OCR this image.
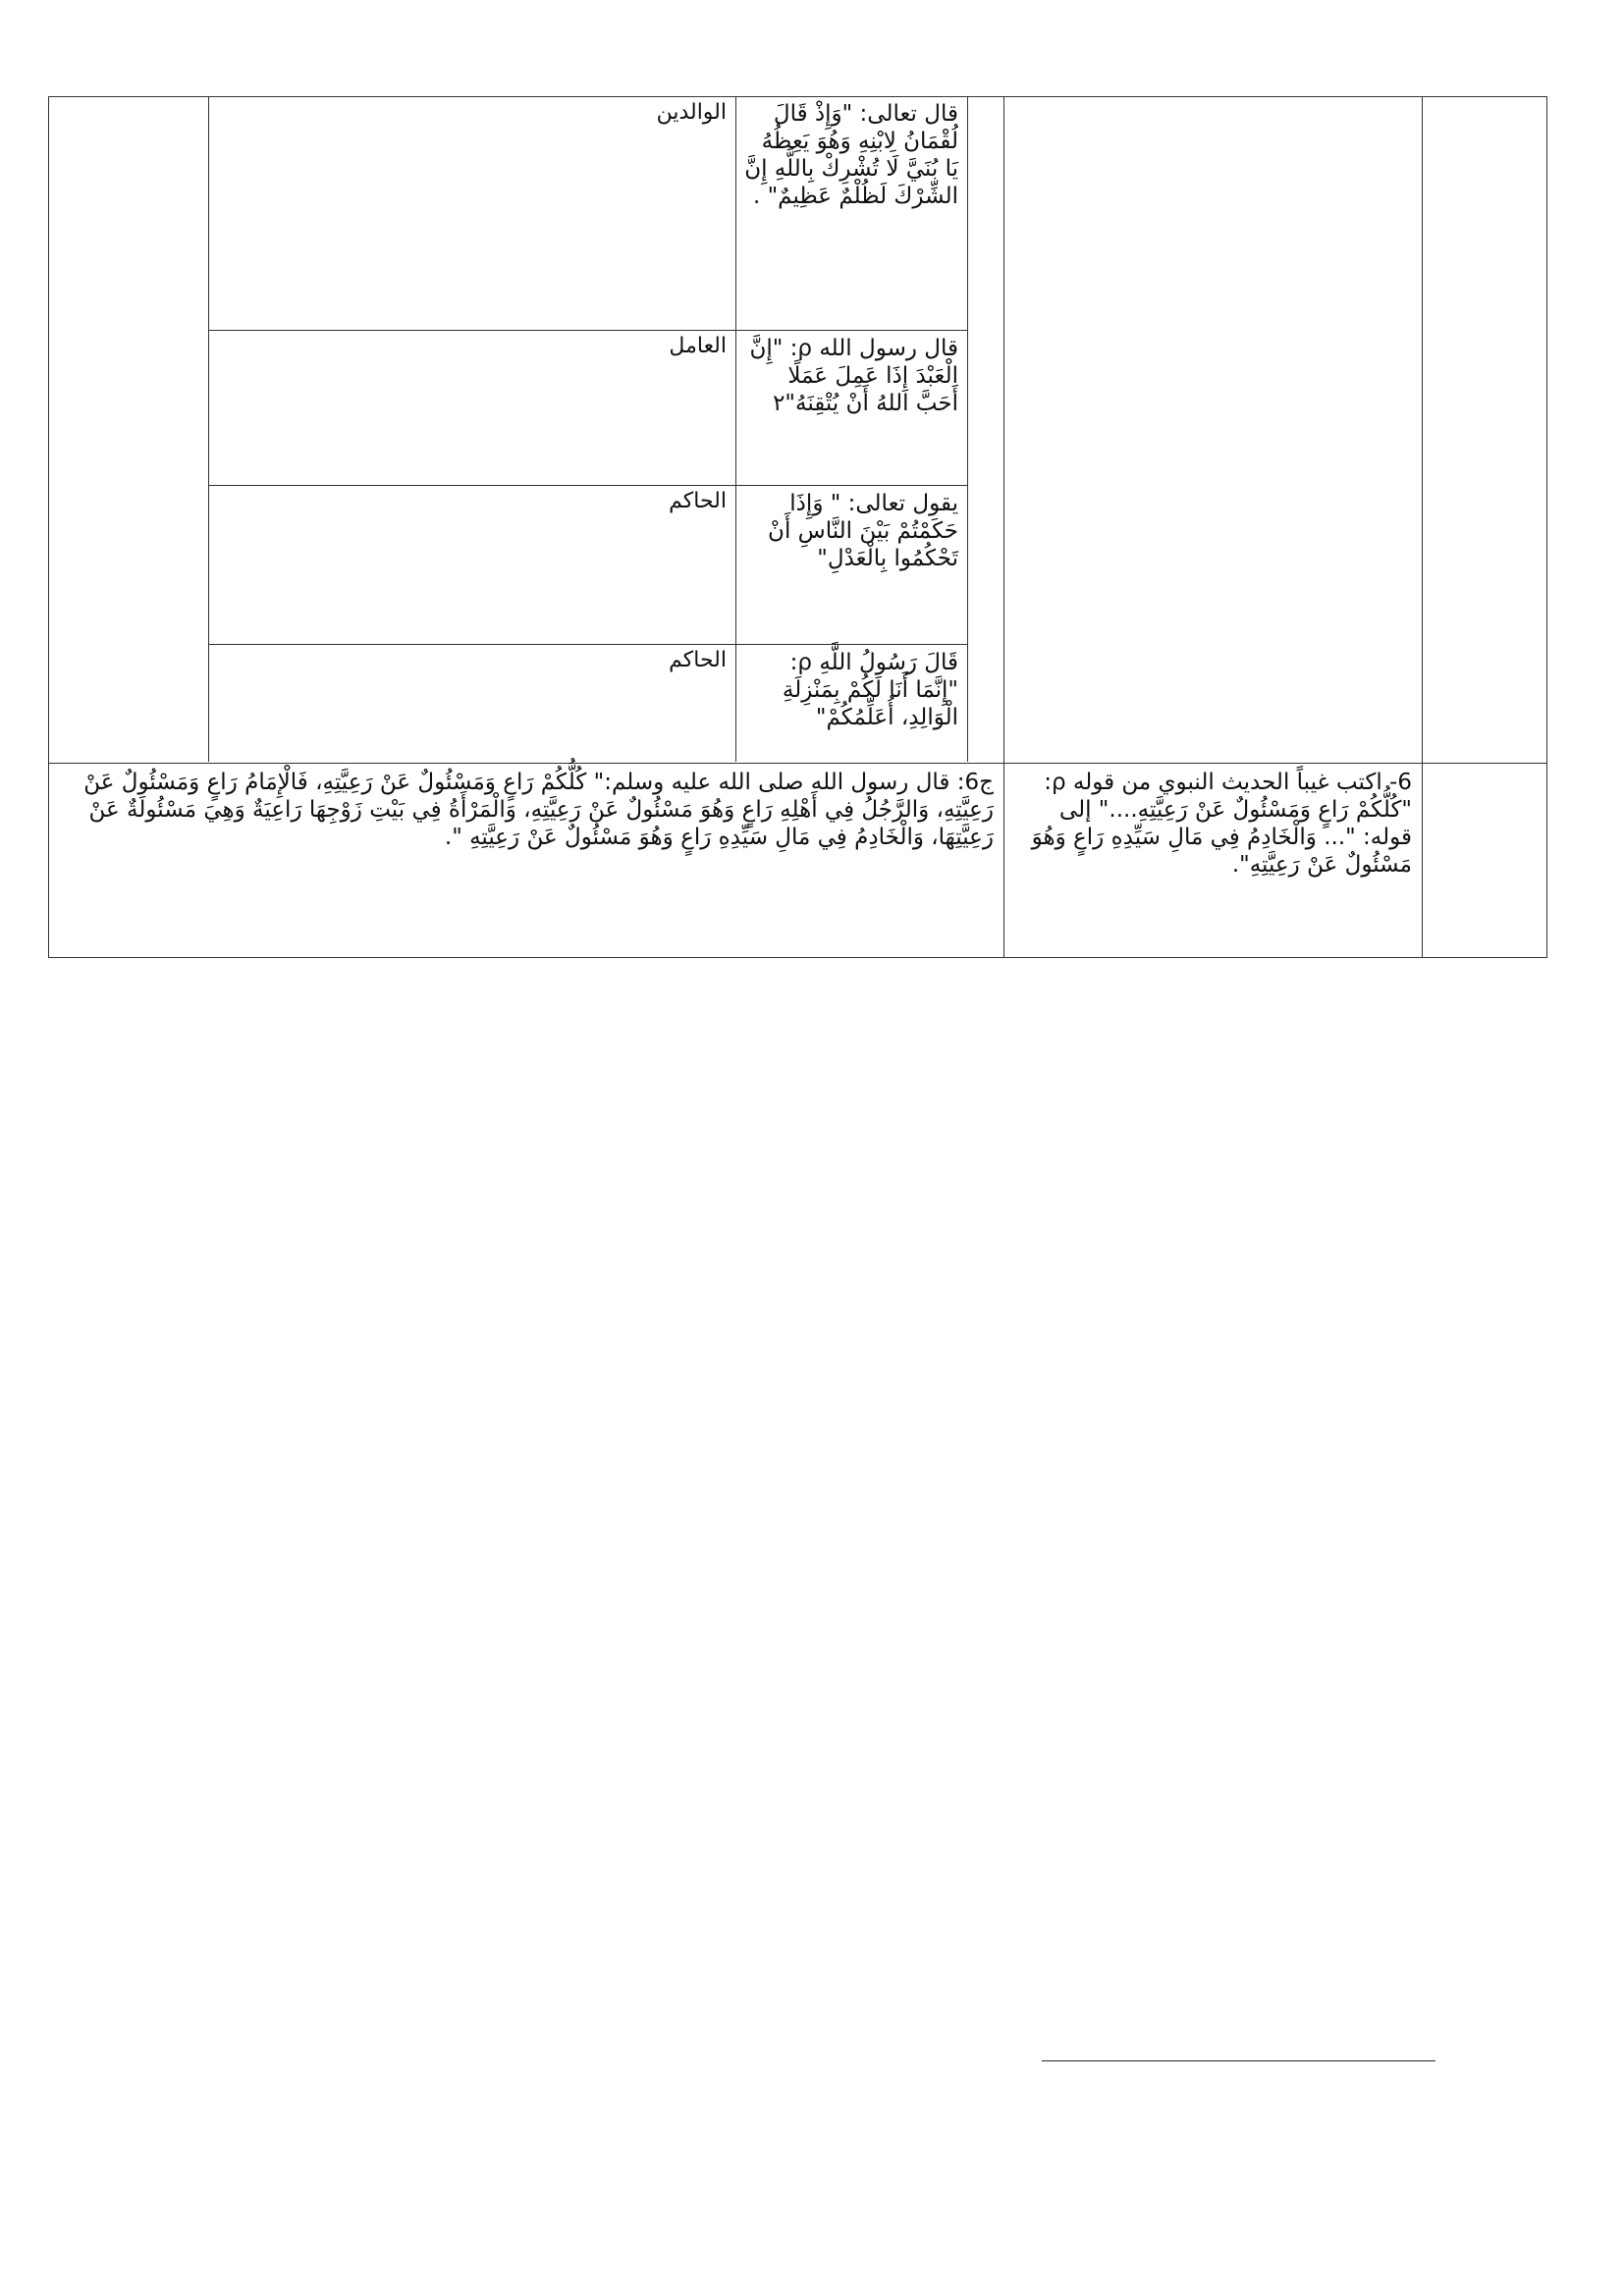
قال تعالى: "وَإِذْ قَالَ لُقْمَانُ لِابْنِهِ وَهُوَ يَعِظُهُ يَا بُنَيَّ لَا تُشْرِكْ بِاللَّهِ إِنَّ الشِّرْكَ لَظُلْمٌ عَظِيمٌ" .
الوالدين
قال رسول الله ρ: "إِنَّ الْعَبْدَ إِذَا عَمِلَ عَمَلًا أَحَبَّ اللهُ أَنْ يُتْقِنَهُ"٢
العامل
يقول تعالى: " وَإِذَا حَكَمْتُمْ بَيْنَ النَّاسِ أَنْ تَحْكُمُوا بِالْعَدْلِ"
الحاكم
قَالَ رَسُولُ اللَّهِ ρ: "إِنَّمَا أَنَا لَكُمْ بِمَنْزِلَةِ الْوَالِدِ، أُعَلِّمُكُمْ"
الحاكم
6- اكتب غيباً الحديث النبوي من قوله ρ: "كُلُّكُمْ رَاعٍ وَمَسْئُولٌ عَنْ رَعِيَّتِهِ...." إلى قوله: "... وَالْخَادِمُ فِي مَالِ سَيِّدِهِ رَاعٍ وَهُوَ مَسْئُولٌ عَنْ رَعِيَّتِهِ".
ج6: قال رسول الله صلى الله عليه وسلم:" كُلُّكُمْ رَاعٍ وَمَسْئُولٌ عَنْ رَعِيَّتِهِ، فَالْإِمَامُ رَاعٍ وَمَسْئُولٌ عَنْ رَعِيَّتِهِ، وَالرَّجُلُ فِي أَهْلِهِ رَاعٍ وَهُوَ مَسْئُولٌ عَنْ رَعِيَّتِهِ، وَالْمَرْأَةُ فِي بَيْتِ زَوْجِهَا رَاعِيَةٌ وَهِيَ مَسْئُولَةٌ عَنْ رَعِيَّتِهَا، وَالْخَادِمُ فِي مَالِ سَيِّدِهِ رَاعٍ وَهُوَ مَسْئُولٌ عَنْ رَعِيَّتِهِ ".
